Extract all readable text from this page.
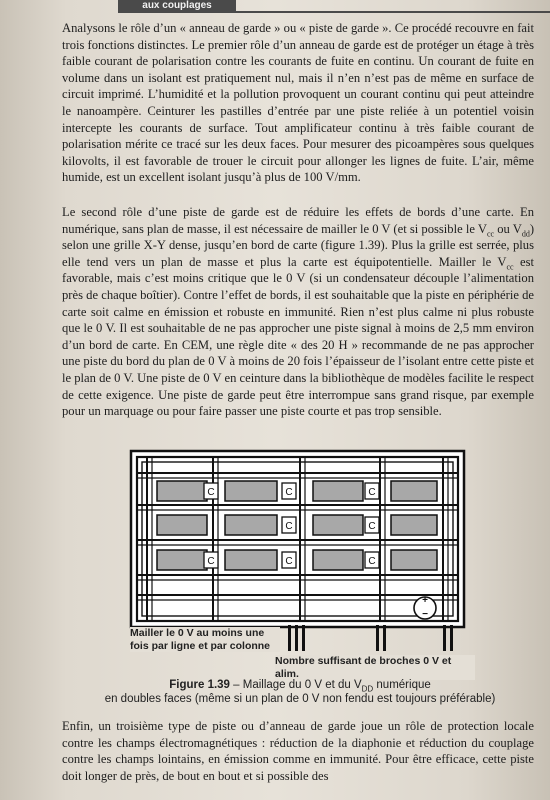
aux couplages

Analysons le rôle d’un « anneau de garde » ou « piste de garde ». Ce procédé recouvre en fait trois fonctions distinctes. Le premier rôle d’un anneau de garde est de protéger un étage à très faible courant de polarisation contre les courants de fuite en continu. Un courant de fuite en volume dans un isolant est pratiquement nul, mais il n’en n’est pas de même en surface de circuit imprimé. L’humidité et la pollution provoquent un courant continu qui peut atteindre le nanoampère. Ceinturer les pastilles d’entrée par une piste reliée à un potentiel voisin intercepte les courants de surface. Tout amplificateur continu à très faible courant de polarisation mérite ce tracé sur les deux faces. Pour mesurer des picoampères sous quelques kilovolts, il est favorable de trouer le circuit pour allonger les lignes de fuite. L’air, même humide, est un excellent isolant jusqu’à plus de 100 V/mm.

Le second rôle d’une piste de garde est de réduire les effets de bords d’une carte. En numérique, sans plan de masse, il est nécessaire de mailler le 0 V (et si possible le $V_{cc}$ ou $V_{dd}$) selon une grille X-Y dense, jusqu’en bord de carte (figure 1.39). Plus la grille est serrée, plus elle tend vers un plan de masse et plus la carte est équipotentielle. Mailler le $V_{cc}$ est favorable, mais c’est moins critique que le 0 V (si un condensateur découple l’alimentation près de chaque boîtier). Contre l’effet de bords, il est souhaitable que la piste en périphérie de carte soit calme en émission et robuste en immunité. Rien n’est plus calme ni plus robuste que le 0 V. Il est souhaitable de ne pas approcher une piste signal à moins de 2,5 mm environ d’un bord de carte. En CEM, une règle dite « des 20 H » recommande de ne pas approcher une piste du bord du plan de 0 V à moins de 20 fois l’épaisseur de l’isolant entre cette piste et le plan de 0 V. Une piste de 0 V en ceinture dans la bibliothèque de modèles facilite le respect de cette exigence. Une piste de garde peut être interrompue sans grand risque, par exemple pour un marquage ou pour faire passer une piste courte et pas trop sensible.

C
C
C
C
C
C
C
C
+
−
Mailler le 0 V au moins une fois par ligne et par colonne
Nombre suffisant de broches 0 V et alim.
Figure 1.39 – Maillage du 0 V et du $V_{DD}$ numérique
en doubles faces (même si un plan de 0 V non fendu est toujours préférable)

Enfin, un troisième type de piste ou d’anneau de garde joue un rôle de protection locale contre les champs électromagnétiques : réduction de la diaphonie et réduction du couplage contre les champs lointains, en émission comme en immunité. Pour être efficace, cette piste doit longer de près, de bout en bout et si possible des
